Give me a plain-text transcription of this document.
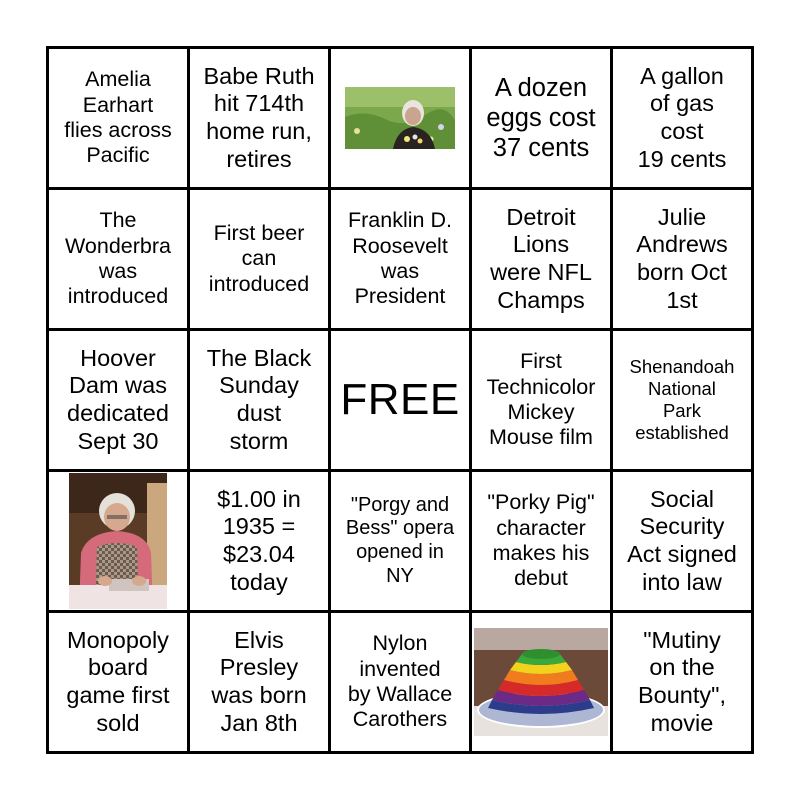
Amelia
Earhart
flies across
Pacific
Babe Ruth
hit 714th
home run,
retires
A dozen
eggs cost
37 cents
A gallon
of gas
cost
19 cents
The
Wonderbra
was
introduced
First beer
can
introduced
Franklin D.
Roosevelt
was
President
Detroit
Lions
were NFL
Champs
Julie
Andrews
born Oct
1st
Hoover
Dam was
dedicated
Sept 30
The Black
Sunday
dust
storm
FREE
First
Technicolor
Mickey
Mouse film
Shenandoah
National
Park
established
$1.00 in
1935 =
$23.04
today
"Porgy and
Bess" opera
opened in
NY
"Porky Pig"
character
makes his
debut
Social
Security
Act signed
into law
Monopoly
board
game first
sold
Elvis
Presley
was born
Jan 8th
Nylon
invented
by Wallace
Carothers
"Mutiny
on the
Bounty",
movie
